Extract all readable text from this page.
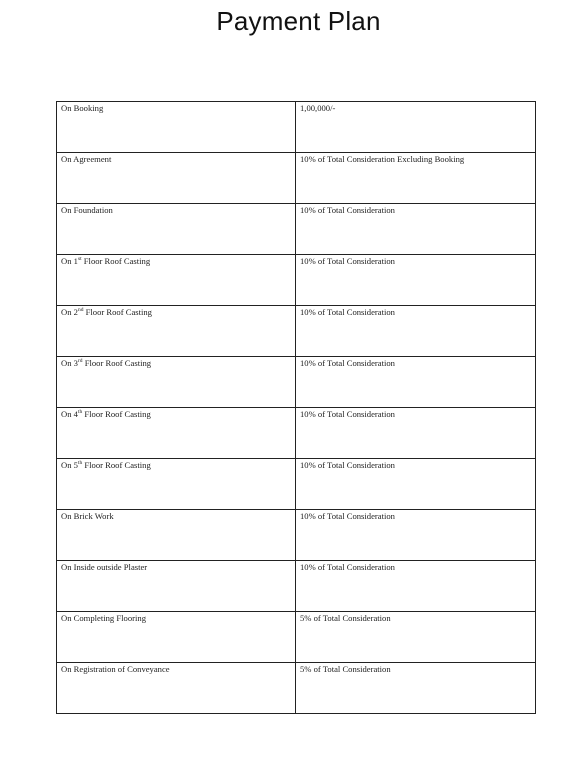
Payment Plan
On Booking	1,00,000/-
On Agreement	10% of Total Consideration Excluding Booking
On Foundation	10% of Total Consideration
On 1st Floor Roof Casting	10% of Total Consideration
On 2nd Floor Roof Casting	10% of Total Consideration
On 3rd Floor Roof Casting	10% of Total Consideration
On 4th Floor Roof Casting	10% of Total Consideration
On 5th Floor Roof Casting	10% of Total Consideration
On Brick Work	10% of Total Consideration
On Inside outside Plaster	10% of Total Consideration
On Completing Flooring	5% of Total Consideration
On Registration of Conveyance	5% of Total Consideration
